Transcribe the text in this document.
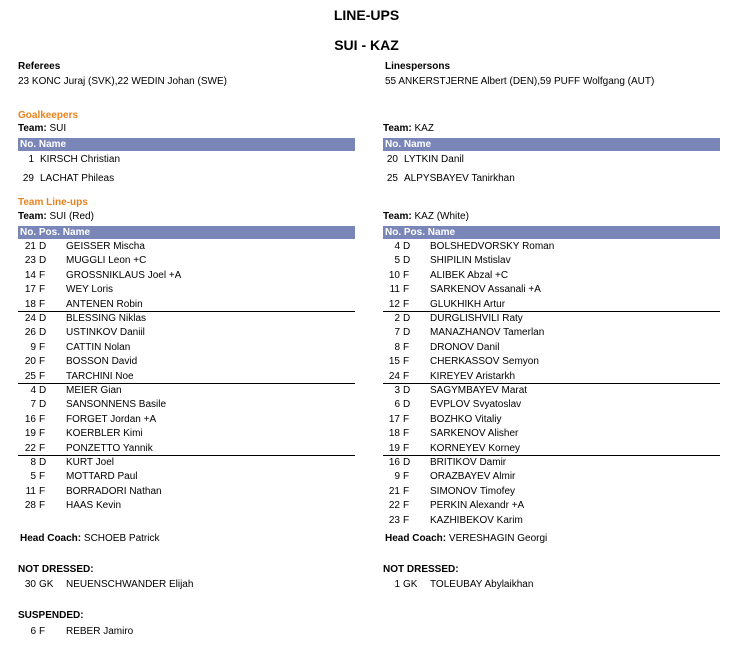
LINE-UPS
SUI - KAZ
Referees
23 KONC Juraj (SVK),22 WEDIN Johan (SWE)
Linespersons
55 ANKERSTJERNE Albert (DEN),59 PUFF Wolfgang (AUT)
Goalkeepers
Team: SUI
No. Name
1 KIRSCH Christian
29 LACHAT Phileas
Team: KAZ
No. Name
20 LYTKIN Danil
25 ALPYSBAYEV Tanirkhan
Team Line-ups
Team: SUI (Red)
No. Pos. Name
21 D GEISSER Mischa
23 D MUGGLI Leon +C
14 F GROSSNIKLAUS Joel +A
17 F WEY Loris
18 F ANTENEN Robin
24 D BLESSING Niklas
26 D USTINKOV Daniil
9 F CATTIN Nolan
20 F BOSSON David
25 F TARCHINI Noe
4 D MEIER Gian
7 D SANSONNENS Basile
16 F FORGET Jordan +A
19 F KOERBLER Kimi
22 F PONZETTO Yannik
8 D KURT Joel
5 F MOTTARD Paul
11 F BORRADORI Nathan
28 F HAAS Kevin
Team: KAZ (White)
No. Pos. Name
4 D BOLSHEDVORSKY Roman
5 D SHIPILIN Mstislav
10 F ALIBEK Abzal +C
11 F SARKENOV Assanali +A
12 F GLUKHIKH Artur
2 D DURGLISHVILI Raty
7 D MANAZHANOV Tamerlan
8 F DRONOV Danil
15 F CHERKASSOV Semyon
24 F KIREYEV Aristarkh
3 D SAGYMBAYEV Marat
6 D EVPLOV Svyatoslav
17 F BOZHKO Vitaliy
18 F SARKENOV Alisher
19 F KORNEYEV Korney
16 D BRITIKOV Damir
9 F ORAZBAYEV Almir
21 F SIMONOV Timofey
22 F PERKIN Alexandr +A
23 F KAZHIBEKOV Karim
Head Coach: SCHOEB Patrick	Head Coach: VERESHAGIN Georgi
NOT DRESSED:
30 GK NEUENSCHWANDER Elijah
NOT DRESSED:
1 GK TOLEUBAY Abylaikhan
SUSPENDED:
6 F REBER Jamiro
